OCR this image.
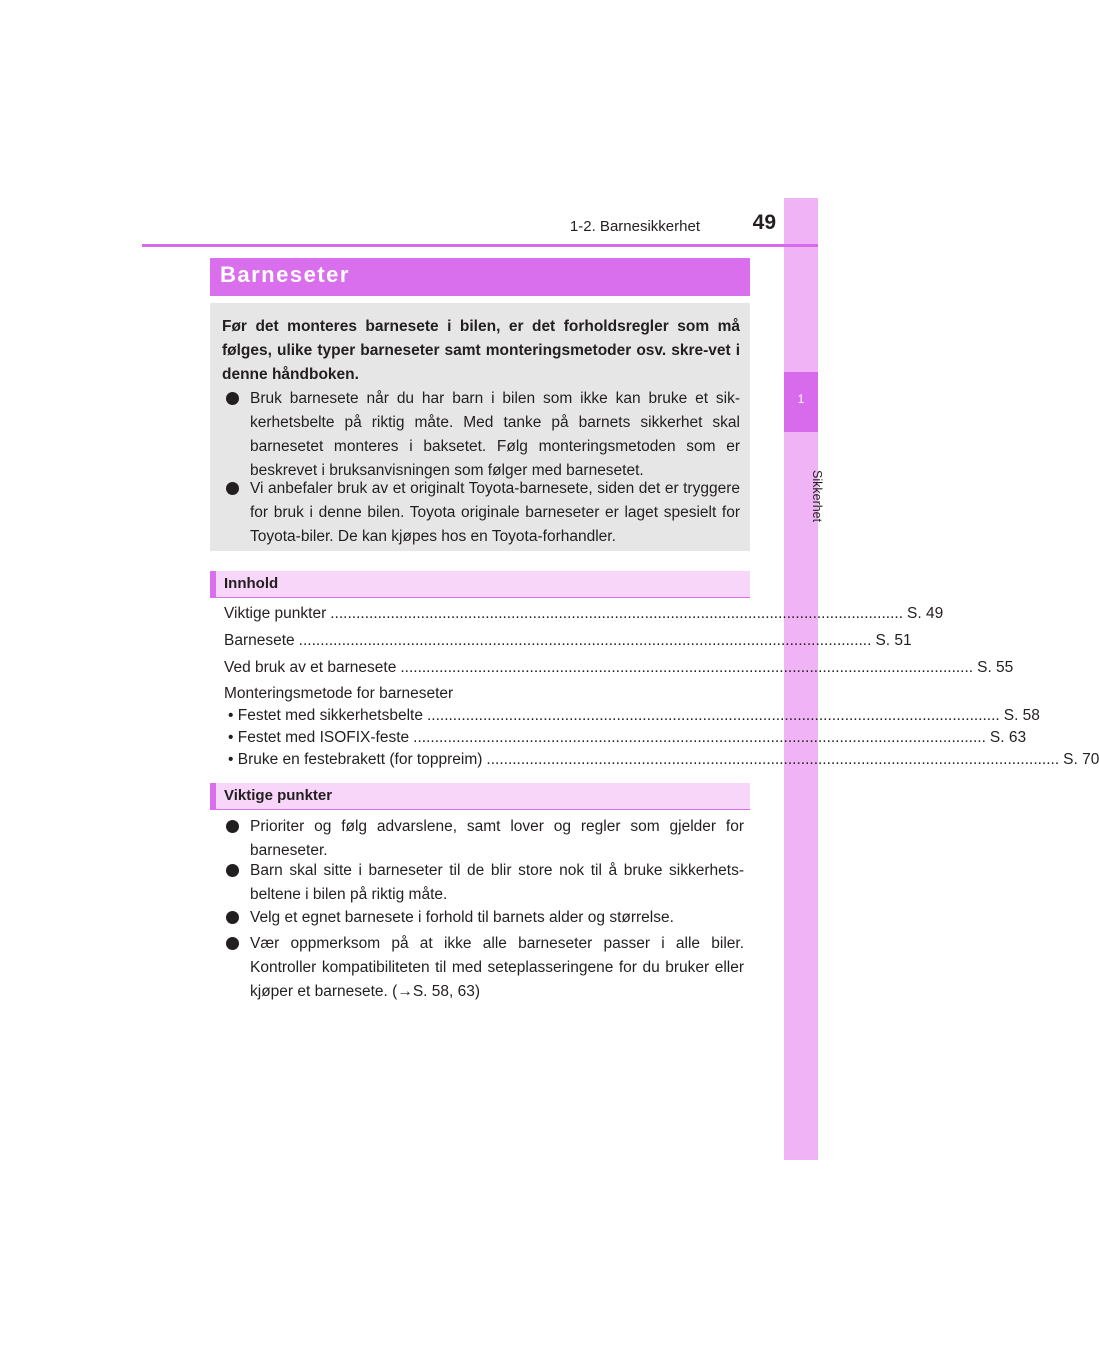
1
Sikkerhet
1-2. Barnesikkerhet	49
Barneseter
Før det monteres barnesete i bilen, er det forholdsregler som må følges, ulike typer barneseter samt monteringsmetoder osv. skre-vet i denne håndboken.
Bruk barnesete når du har barn i bilen som ikke kan bruke et sik-kerhetsbelte på riktig måte. Med tanke på barnets sikkerhet skal barnesetet monteres i baksetet. Følg monteringsmetoden som er beskrevet i bruksanvisningen som følger med barnesetet.
Vi anbefaler bruk av et originalt Toyota-barnesete, siden det er tryggere for bruk i denne bilen. Toyota originale barneseter er laget spesielt for Toyota-biler. De kan kjøpes hos en Toyota-forhandler.
Innhold
Viktige punkter ..................................................................................................................................... S. 49
Barnesete ..................................................................................................................................... S. 51
Ved bruk av et barnesete ..................................................................................................................................... S. 55
Monteringsmetode for barneseter
• Festet med sikkerhetsbelte ..................................................................................................................................... S. 58
• Festet med ISOFIX-feste ..................................................................................................................................... S. 63
• Bruke en festebrakett (for toppreim) ..................................................................................................................................... S. 70
Viktige punkter
Prioriter og følg advarslene, samt lover og regler som gjelder for barneseter.
Barn skal sitte i barneseter til de blir store nok til å bruke sikkerhets-beltene i bilen på riktig måte.
Velg et egnet barnesete i forhold til barnets alder og størrelse.
Vær oppmerksom på at ikke alle barneseter passer i alle biler. Kontroller kompatibiliteten til med seteplasseringene for du bruker eller kjøper et barnesete. (→S. 58, 63)
